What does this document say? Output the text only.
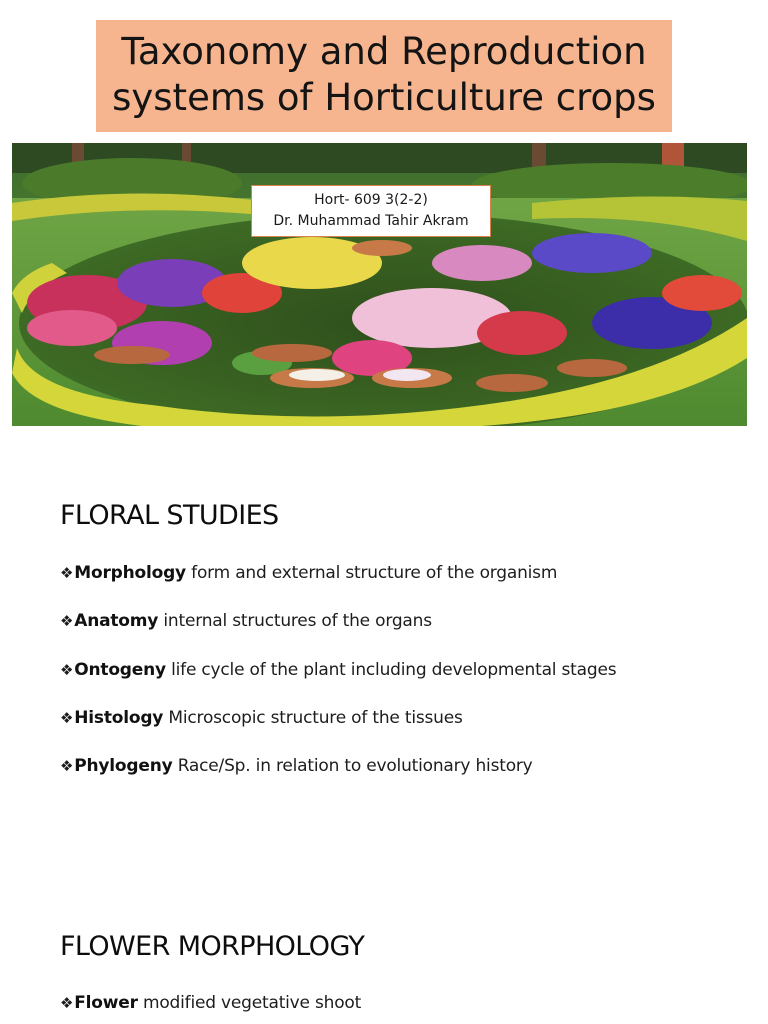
Taxonomy and Reproduction
systems of Horticulture crops
Hort- 609 3(2-2)
Dr. Muhammad Tahir Akram
FLORAL STUDIES
❖Morphology form and external structure of the organism
❖Anatomy internal structures of the organs
❖Ontogeny life cycle of the plant including developmental stages
❖Histology Microscopic structure of the tissues
❖Phylogeny Race/Sp. in relation to evolutionary history
FLOWER MORPHOLOGY
❖Flower modified vegetative shoot
